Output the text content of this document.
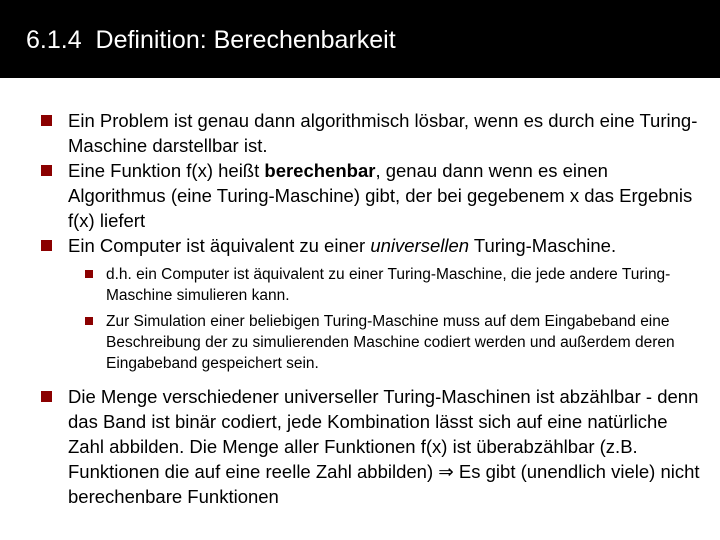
6.1.4 Definition: Berechenbarkeit
Ein Problem ist genau dann algorithmisch lösbar, wenn es durch eine Turing-Maschine darstellbar ist.
Eine Funktion f(x) heißt berechenbar, genau dann wenn es einen Algorithmus (eine Turing-Maschine) gibt, der bei gegebenem x das Ergebnis f(x) liefert
Ein Computer ist äquivalent zu einer universellen Turing-Maschine.
d.h. ein Computer ist äquivalent zu einer Turing-Maschine, die jede andere Turing-Maschine simulieren kann.
Zur Simulation einer beliebigen Turing-Maschine muss auf dem Eingabeband eine Beschreibung der zu simulierenden Maschine codiert werden und außerdem deren Eingabeband gespeichert sein.
Die Menge verschiedener universeller Turing-Maschinen ist abzählbar - denn das Band ist binär codiert, jede Kombination lässt sich auf eine natürliche Zahl abbilden. Die Menge aller Funktionen f(x) ist überabzählbar (z.B. Funktionen die auf eine reelle Zahl abbilden) ⇒ Es gibt (unendlich viele) nicht berechenbare Funktionen
